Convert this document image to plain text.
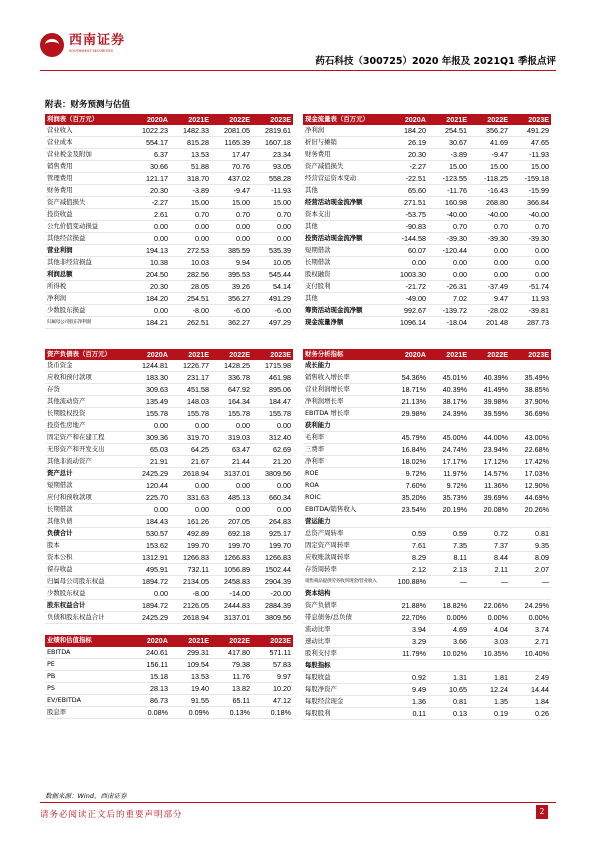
西南证券
SOUTHWEST SECURITIES
药石科技（300725）2020 年报及 2021Q1 季报点评
附表：财务预测与估值
利润表（百万元）	2020A	2021E	2022E	2023E
营业收入	1022.23	1482.33	2081.05	2819.61
营业成本	554.17	815.28	1165.39	1607.18
营业税金及附加	6.37	13.53	17.47	23.34
销售费用	30.66	51.88	70.76	93.05
管理费用	121.17	318.70	437.02	558.28
财务费用	20.30	-3.89	-9.47	-11.93
资产减值损失	-2.27	15.00	15.00	15.00
投资收益	2.61	0.70	0.70	0.70
公允价值变动损益	0.00	0.00	0.00	0.00
其他经营损益	0.00	0.00	0.00	0.00
营业利润	194.13	272.53	385.59	535.39
其他非经营损益	10.38	10.03	9.94	10.05
利润总额	204.50	282.56	395.53	545.44
所得税	20.30	28.05	39.26	54.14
净利润	184.20	254.51	356.27	491.29
少数股东损益	0.00	-8.00	-6.00	-6.00
归属母公司股东净利润	184.21	262.51	362.27	497.29
现金流量表（百万元）	2020A	2021E	2022E	2023E
净利润	184.20	254.51	356.27	491.29
折旧与摊销	26.19	30.67	41.69	47.65
财务费用	20.30	-3.89	-9.47	-11.93
资产减值损失	-2.27	15.00	15.00	15.00
经营营运资本变动	-22.51	-123.55	-118.25	-159.18
其他	65.60	-11.76	-16.43	-15.99
经营活动现金流净额	271.51	160.98	268.80	366.84
资本支出	-53.75	-40.00	-40.00	-40.00
其他	-90.83	0.70	0.70	0.70
投资活动现金流净额	-144.58	-39.30	-39.30	-39.30
短期借款	60.07	-120.44	0.00	0.00
长期借款	0.00	0.00	0.00	0.00
股权融资	1003.30	0.00	0.00	0.00
支付股利	-21.72	-26.31	-37.49	-51.74
其他	-49.00	7.02	9.47	11.93
筹资活动现金流净额	992.67	-139.72	-28.02	-39.81
现金流量净额	1096.14	-18.04	201.48	287.73
资产负债表（百万元）	2020A	2021E	2022E	2023E
货币资金	1244.81	1226.77	1428.25	1715.98
应收和预付款项	183.30	231.17	336.78	461.98
存货	309.63	451.58	647.92	895.06
其他流动资产	135.49	148.03	164.34	184.47
长期股权投资	155.78	155.78	155.78	155.78
投资性房地产	0.00	0.00	0.00	0.00
固定资产和在建工程	309.36	319.70	319.03	312.40
无形资产和开发支出	65.03	64.25	63.47	62.69
其他非流动资产	21.91	21.67	21.44	21.20
资产总计	2425.29	2618.94	3137.01	3809.56
短期借款	120.44	0.00	0.00	0.00
应付和预收款项	225.70	331.63	485.13	660.34
长期借款	0.00	0.00	0.00	0.00
其他负债	184.43	161.26	207.05	264.83
负债合计	530.57	492.89	692.18	925.17
股本	153.62	199.70	199.70	199.70
资本公积	1312.91	1266.83	1266.83	1266.83
留存收益	495.91	732.11	1056.89	1502.44
归属母公司股东权益	1894.72	2134.05	2458.83	2904.39
少数股东权益	0.00	-8.00	-14.00	-20.00
股东权益合计	1894.72	2126.05	2444.83	2884.39
负债和股东权益合计	2425.29	2618.94	3137.01	3809.56
业绩和估值指标	2020A	2021E	2022E	2023E
EBITDA	240.61	299.31	417.80	571.11
PE	156.11	109.54	79.38	57.83
PB	15.18	13.53	11.76	9.97
PS	28.13	19.40	13.82	10.20
EV/EBITDA	86.73	91.55	65.11	47.12
股息率	0.08%	0.09%	0.13%	0.18%
财务分析指标	2020A	2021E	2022E	2023E
成长能力				
销售收入增长率	54.36%	45.01%	40.39%	35.49%
营业利润增长率	18.71%	40.39%	41.49%	38.85%
净利润增长率	21.13%	38.17%	39.98%	37.90%
EBITDA 增长率	29.98%	24.39%	39.59%	36.69%
获利能力				
毛利率	45.79%	45.00%	44.00%	43.00%
三费率	16.84%	24.74%	23.94%	22.68%
净利率	18.02%	17.17%	17.12%	17.42%
ROE	9.72%	11.97%	14.57%	17.03%
ROA	7.60%	9.72%	11.36%	12.90%
ROIC	35.20%	35.73%	39.69%	44.69%
EBITDA/销售收入	23.54%	20.19%	20.08%	20.26%
营运能力				
总资产周转率	0.59	0.59	0.72	0.81
固定资产周转率	7.61	7.35	7.37	9.35
应收账款周转率	8.29	8.11	8.44	8.09
存货周转率	2.12	2.13	2.11	2.07
销售商品提供劳务收到现金/营业收入	100.88%	—	—	—
资本结构				
资产负债率	21.88%	18.82%	22.06%	24.29%
带息债务/总负债	22.70%	0.00%	0.00%	0.00%
流动比率	3.94	4.69	4.04	3.74
速动比率	3.29	3.66	3.03	2.71
股利支付率	11.79%	10.02%	10.35%	10.40%
每股指标				
每股收益	0.92	1.31	1.81	2.49
每股净资产	9.49	10.65	12.24	14.44
每股经营现金	1.36	0.81	1.35	1.84
每股股利	0.11	0.13	0.19	0.26
数据来源：Wind，西南证券
请务必阅读正文后的重要声明部分	2
